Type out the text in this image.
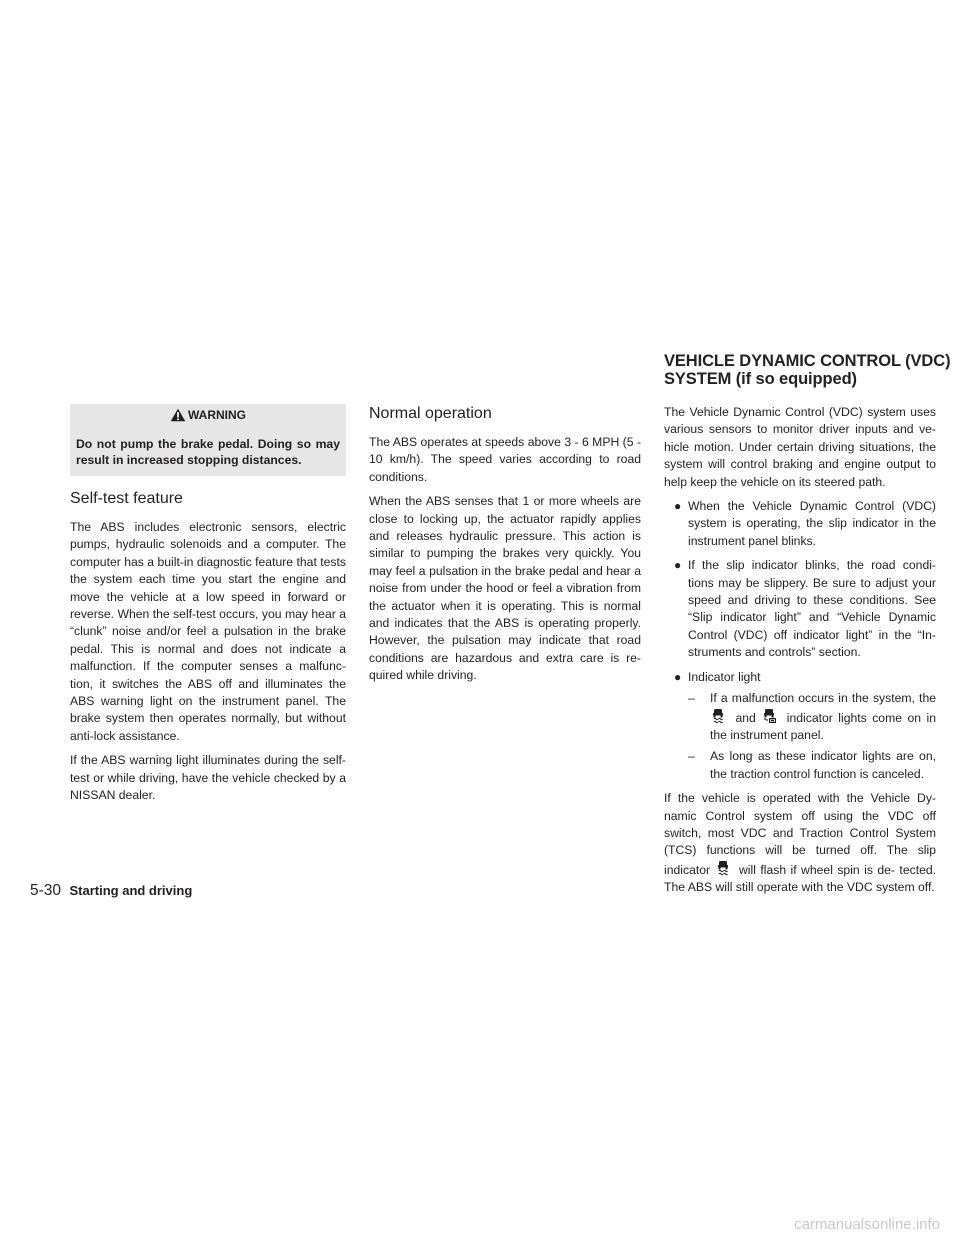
VEHICLE DYNAMIC CONTROL (VDC)
SYSTEM (if so equipped)
WARNING
Do not pump the brake pedal. Doing so may result in increased stopping distances.
Self-test feature

The ABS includes electronic sensors, electric pumps, hydraulic solenoids and a computer. The computer has a built-in diagnostic feature that tests the system each time you start the engine and move the vehicle at a low speed in forward or reverse. When the self-test occurs, you may hear a “clunk” noise and/or feel a pulsation in the brake pedal. This is normal and does not indicate a malfunction. If the computer senses a malfunc- tion, it switches the ABS off and illuminates the ABS warning light on the instrument panel. The brake system then operates normally, but without anti-lock assistance.

If the ABS warning light illuminates during the self-test or while driving, have the vehicle checked by a NISSAN dealer.

Normal operation

The ABS operates at speeds above 3 - 6 MPH (5 - 10 km/h). The speed varies according to road conditions.

When the ABS senses that 1 or more wheels are close to locking up, the actuator rapidly applies and releases hydraulic pressure. This action is similar to pumping the brakes very quickly. You may feel a pulsation in the brake pedal and hear a noise from under the hood or feel a vibration from the actuator when it is operating. This is normal and indicates that the ABS is operating properly. However, the pulsation may indicate that road conditions are hazardous and extra care is re- quired while driving.

The Vehicle Dynamic Control (VDC) system uses various sensors to monitor driver inputs and ve- hicle motion. Under certain driving situations, the system will control braking and engine output to help keep the vehicle on its steered path.

● When the Vehicle Dynamic Control (VDC) system is operating, the slip indicator in the instrument panel blinks.
● If the slip indicator blinks, the road condi- tions may be slippery. Be sure to adjust your speed and driving to these conditions. See “Slip indicator light” and “Vehicle Dynamic Control (VDC) off indicator light” in the “In- struments and controls” section.
● Indicator light
– If a malfunction occurs in the system, the
and	indicator lights come on in the instrument panel.
– As long as these indicator lights are on, the traction control function is canceled.

If the vehicle is operated with the Vehicle Dy- namic Control system off using the VDC off switch, most VDC and Traction Control System (TCS) functions will be turned off. The slip indicator will flash if wheel spin is de- tected. The ABS will still operate with the VDC system off.

5-30 Starting and driving
carmanualsonline.info
